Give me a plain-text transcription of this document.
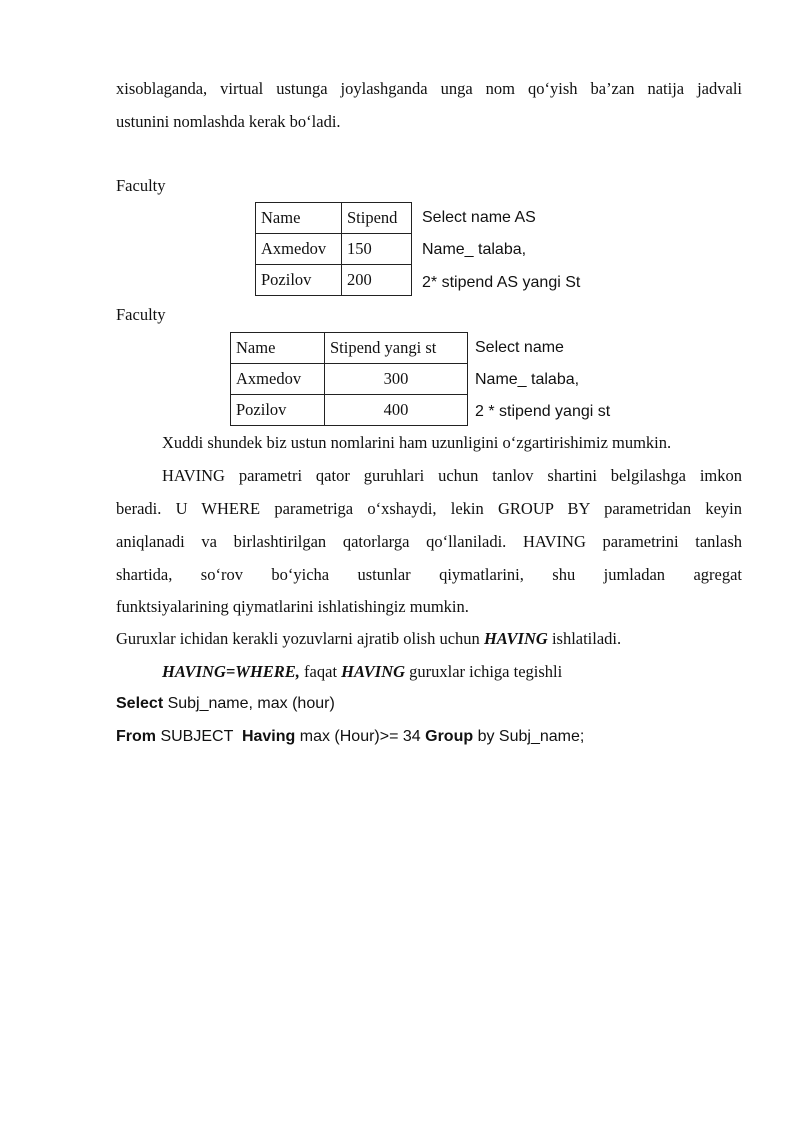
xisoblaganda, virtual ustunga joylashganda unga nom qo‘yish ba’zan natija jadvali
ustunini nomlashda kerak bo‘ladi.
Faculty
Name	Stipend
Axmedov	150
Pozilov	200
Select name AS
Name_ talaba,
2* stipend AS yangi St
Faculty
Name	Stipend yangi st
Axmedov	300
Pozilov	400
Select name
Name_ talaba,
2 * stipend yangi st
Xuddi shundek biz ustun nomlarini ham uzunligini o‘zgartirishimiz mumkin.
HAVING parametri qator guruhlari uchun tanlov shartini belgilashga imkon
beradi. U WHERE parametriga o‘xshaydi, lekin GROUP BY parametridan keyin
aniqlanadi va birlashtirilgan qatorlarga qo‘llaniladi. HAVING parametrini tanlash
shartida, so‘rov bo‘yicha ustunlar qiymatlarini, shu jumladan agregat
funktsiyalarining qiymatlarini ishlatishingiz mumkin.
Guruxlar ichidan kerakli yozuvlarni ajratib olish uchun HAVING ishlatiladi.
HAVING=WHERE, faqat HAVING guruxlar ichiga tegishli
Select Subj_name, max (hour)
From SUBJECT  Having max (Hour)>= 34 Group by Subj_name;
